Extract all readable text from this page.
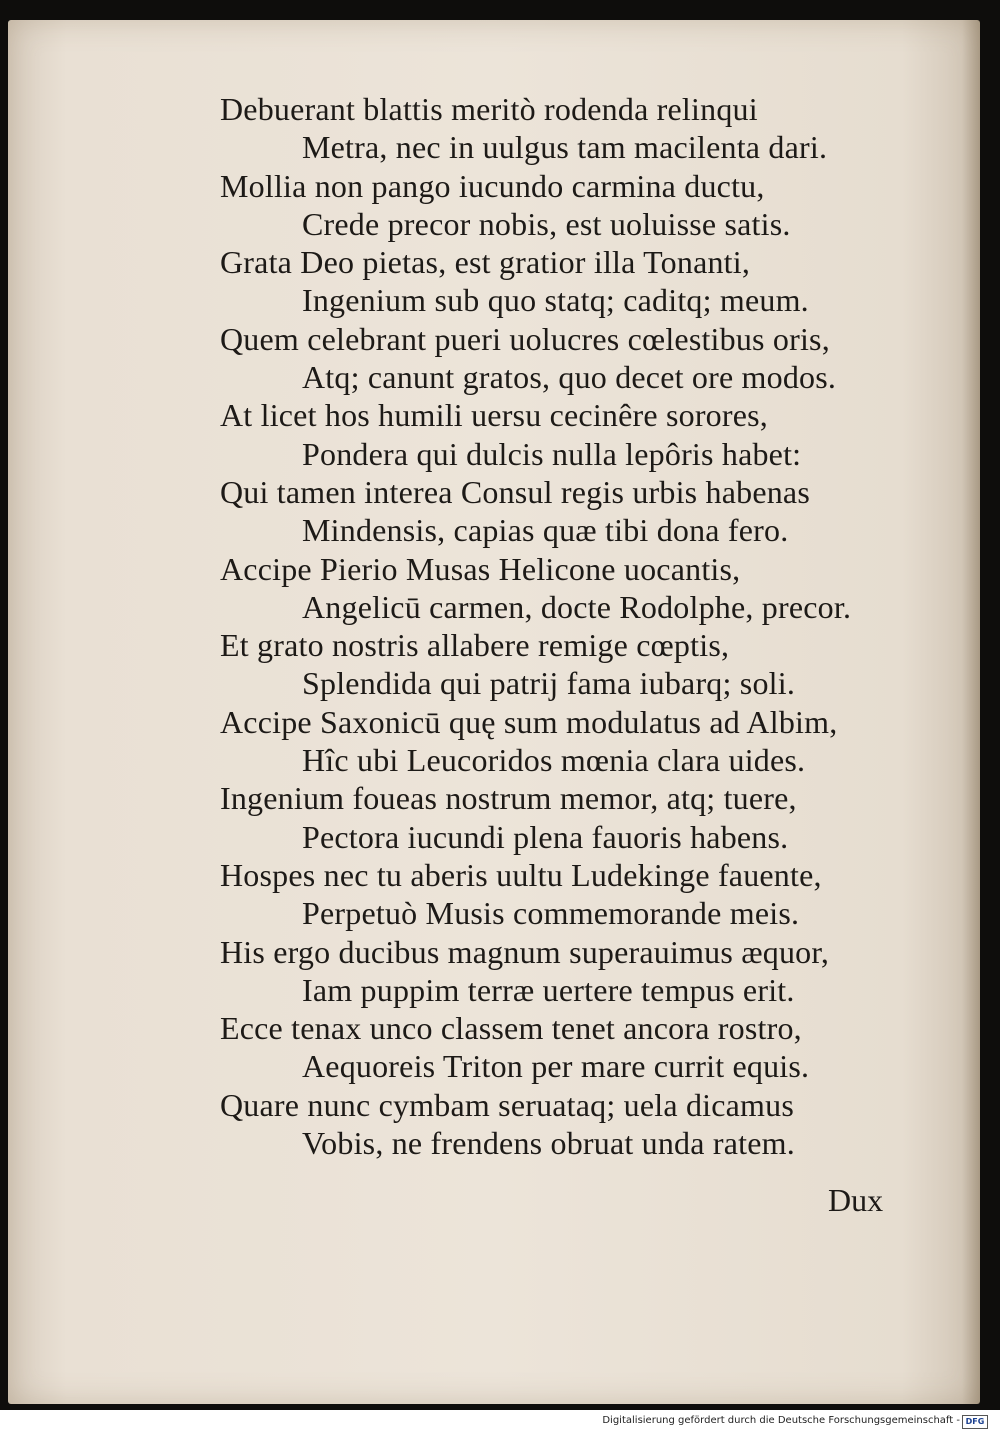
Debuerant blattis meritò rodenda relinqui
Metra, nec in uulgus tam macilenta dari.
Mollia non pango iucundo carmina ductu,
Crede precor nobis, est uoluisse satis.
Grata Deo pietas, est gratior illa Tonanti,
Ingenium sub quo statq; caditq; meum.
Quem celebrant pueri uolucres cœlestibus oris,
Atq; canunt gratos, quo decet ore modos.
At licet hos humili uersu cecinêre sorores,
Pondera qui dulcis nulla lepôris habet:
Qui tamen interea Consul regis urbis habenas
Mindensis, capias quæ tibi dona fero.
Accipe Pierio Musas Helicone uocantis,
Angelicū carmen, docte Rodolphe, precor.
Et grato nostris allabere remige cœptis,
Splendida qui patrij fama iubarq; soli.
Accipe Saxonicū quę sum modulatus ad Albim,
Hîc ubi Leucoridos mœnia clara uides.
Ingenium foueas nostrum memor, atq; tuere,
Pectora iucundi plena fauoris habens.
Hospes nec tu aberis uultu Ludekinge fauente,
Perpetuò Musis commemorande meis.
His ergo ducibus magnum superauimus æquor,
Iam puppim terræ uertere tempus erit.
Ecce tenax unco classem tenet ancora rostro,
Aequoreis Triton per mare currit equis.
Quare nunc cymbam seruataq; uela dicamus
Vobis, ne frendens obruat unda ratem.
Dux
Digitalisierung gefördert durch die Deutsche Forschungsgemeinschaft - DFG
